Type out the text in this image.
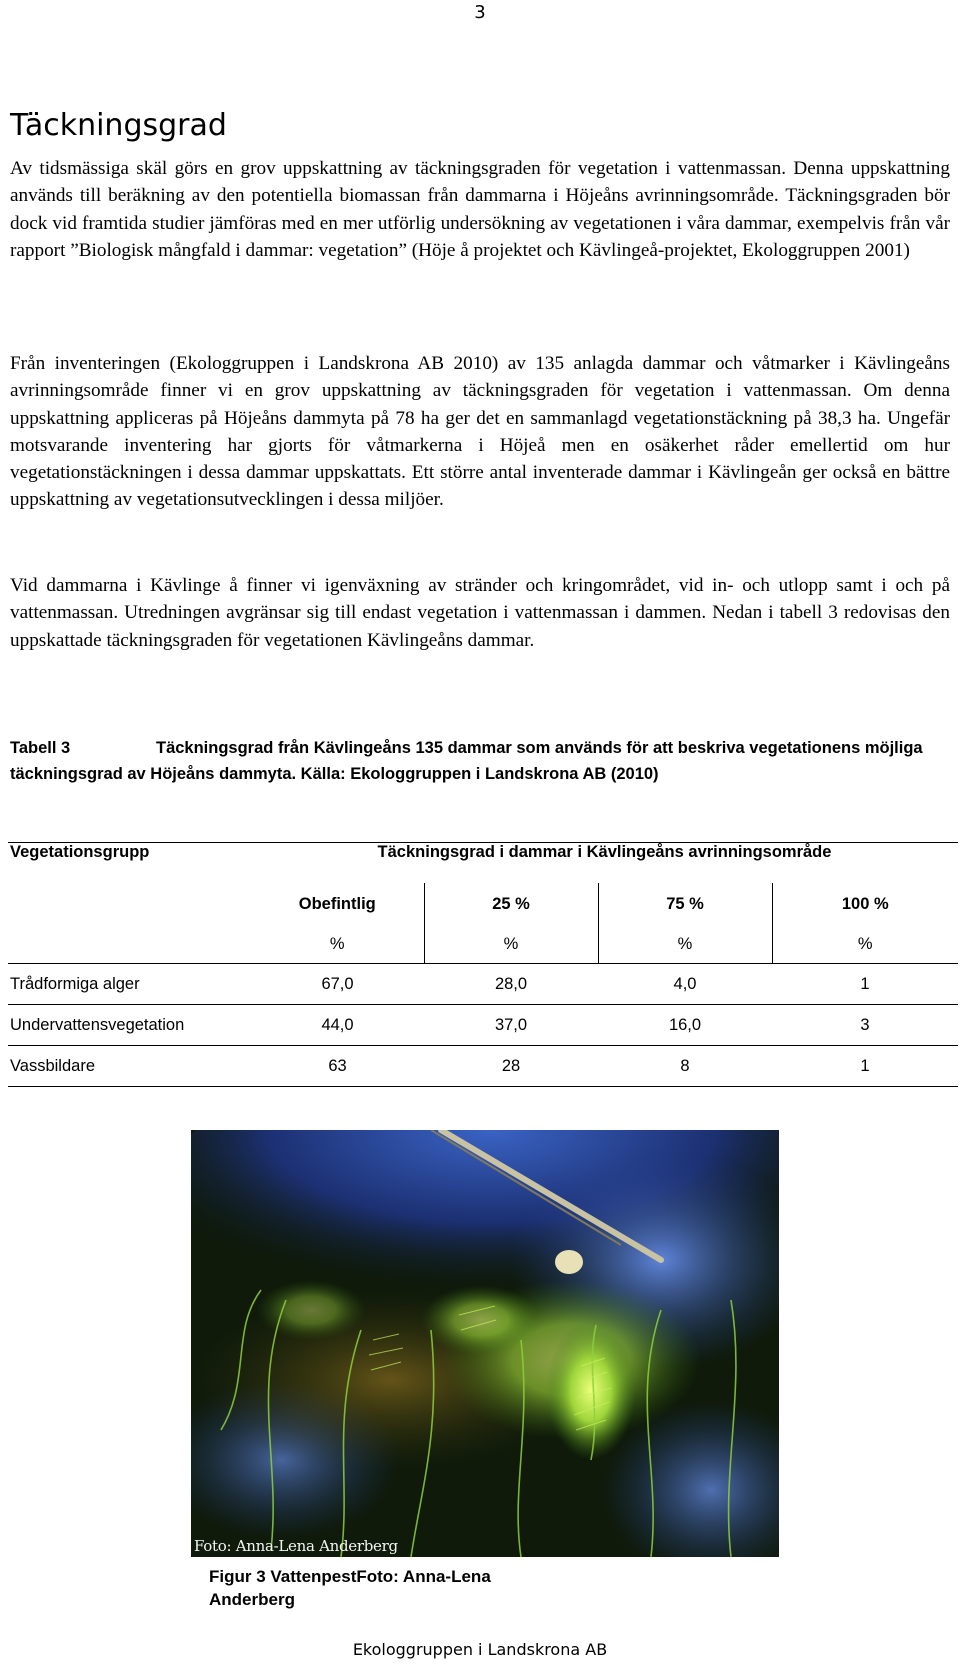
3
Täckningsgrad

Av tidsmässiga skäl görs en grov uppskattning av täckningsgraden för vegetation i vattenmassan. Denna uppskattning används till beräkning av den potentiella biomassan från dammarna i Höjeåns avrinningsområde. Täckningsgraden bör dock vid framtida studier jämföras med en mer utförlig undersökning av vegetationen i våra dammar, exempelvis från vår rapport ”Biologisk mångfald i dammar: vegetation” (Höje å projektet och Kävlingeå-projektet, Ekologgruppen 2001)

Från inventeringen (Ekologgruppen i Landskrona AB 2010) av 135 anlagda dammar och våtmarker i Kävlingeåns avrinningsområde finner vi en grov uppskattning av täckningsgraden för vegetation i vattenmassan. Om denna uppskattning appliceras på Höjeåns dammyta på 78 ha ger det en sammanlagd vegetationstäckning på 38,3 ha. Ungefär motsvarande inventering har gjorts för våtmarkerna i Höjeå men en osäkerhet råder emellertid om hur vegetationstäckningen i dessa dammar uppskattats. Ett större antal inventerade dammar i Kävlingeån ger också en bättre uppskattning av vegetationsutvecklingen i dessa miljöer.

Vid dammarna i Kävlinge å finner vi igenväxning av stränder och kringområdet, vid in- och utlopp samt i och på vattenmassan. Utredningen avgränsar sig till endast vegetation i vattenmassan i dammen. Nedan i tabell 3 redovisas den uppskattade täckningsgraden för vegetationen Kävlingeåns dammar.

Tabell 3	Täckningsgrad från Kävlingeåns 135 dammar som används för att beskriva vegetationens möjliga täckningsgrad av Höjeåns dammyta. Källa: Ekologgruppen i Landskrona AB (2010)

Vegetationsgrupp	Täckningsgrad i dammar i Kävlingeåns avrinningsområde			
	Obefintlig	25 %	75 %	100 %
	%	%	%	%
Trådformiga alger	67,0	28,0	4,0	1
Undervattensvegetation	44,0	37,0	16,0	3
Vassbildare	63	28	8	1
Foto: Anna-Lena Anderberg

Figur 3 VattenpestFoto: Anna-Lena Anderberg

Ekologgruppen i Landskrona AB
